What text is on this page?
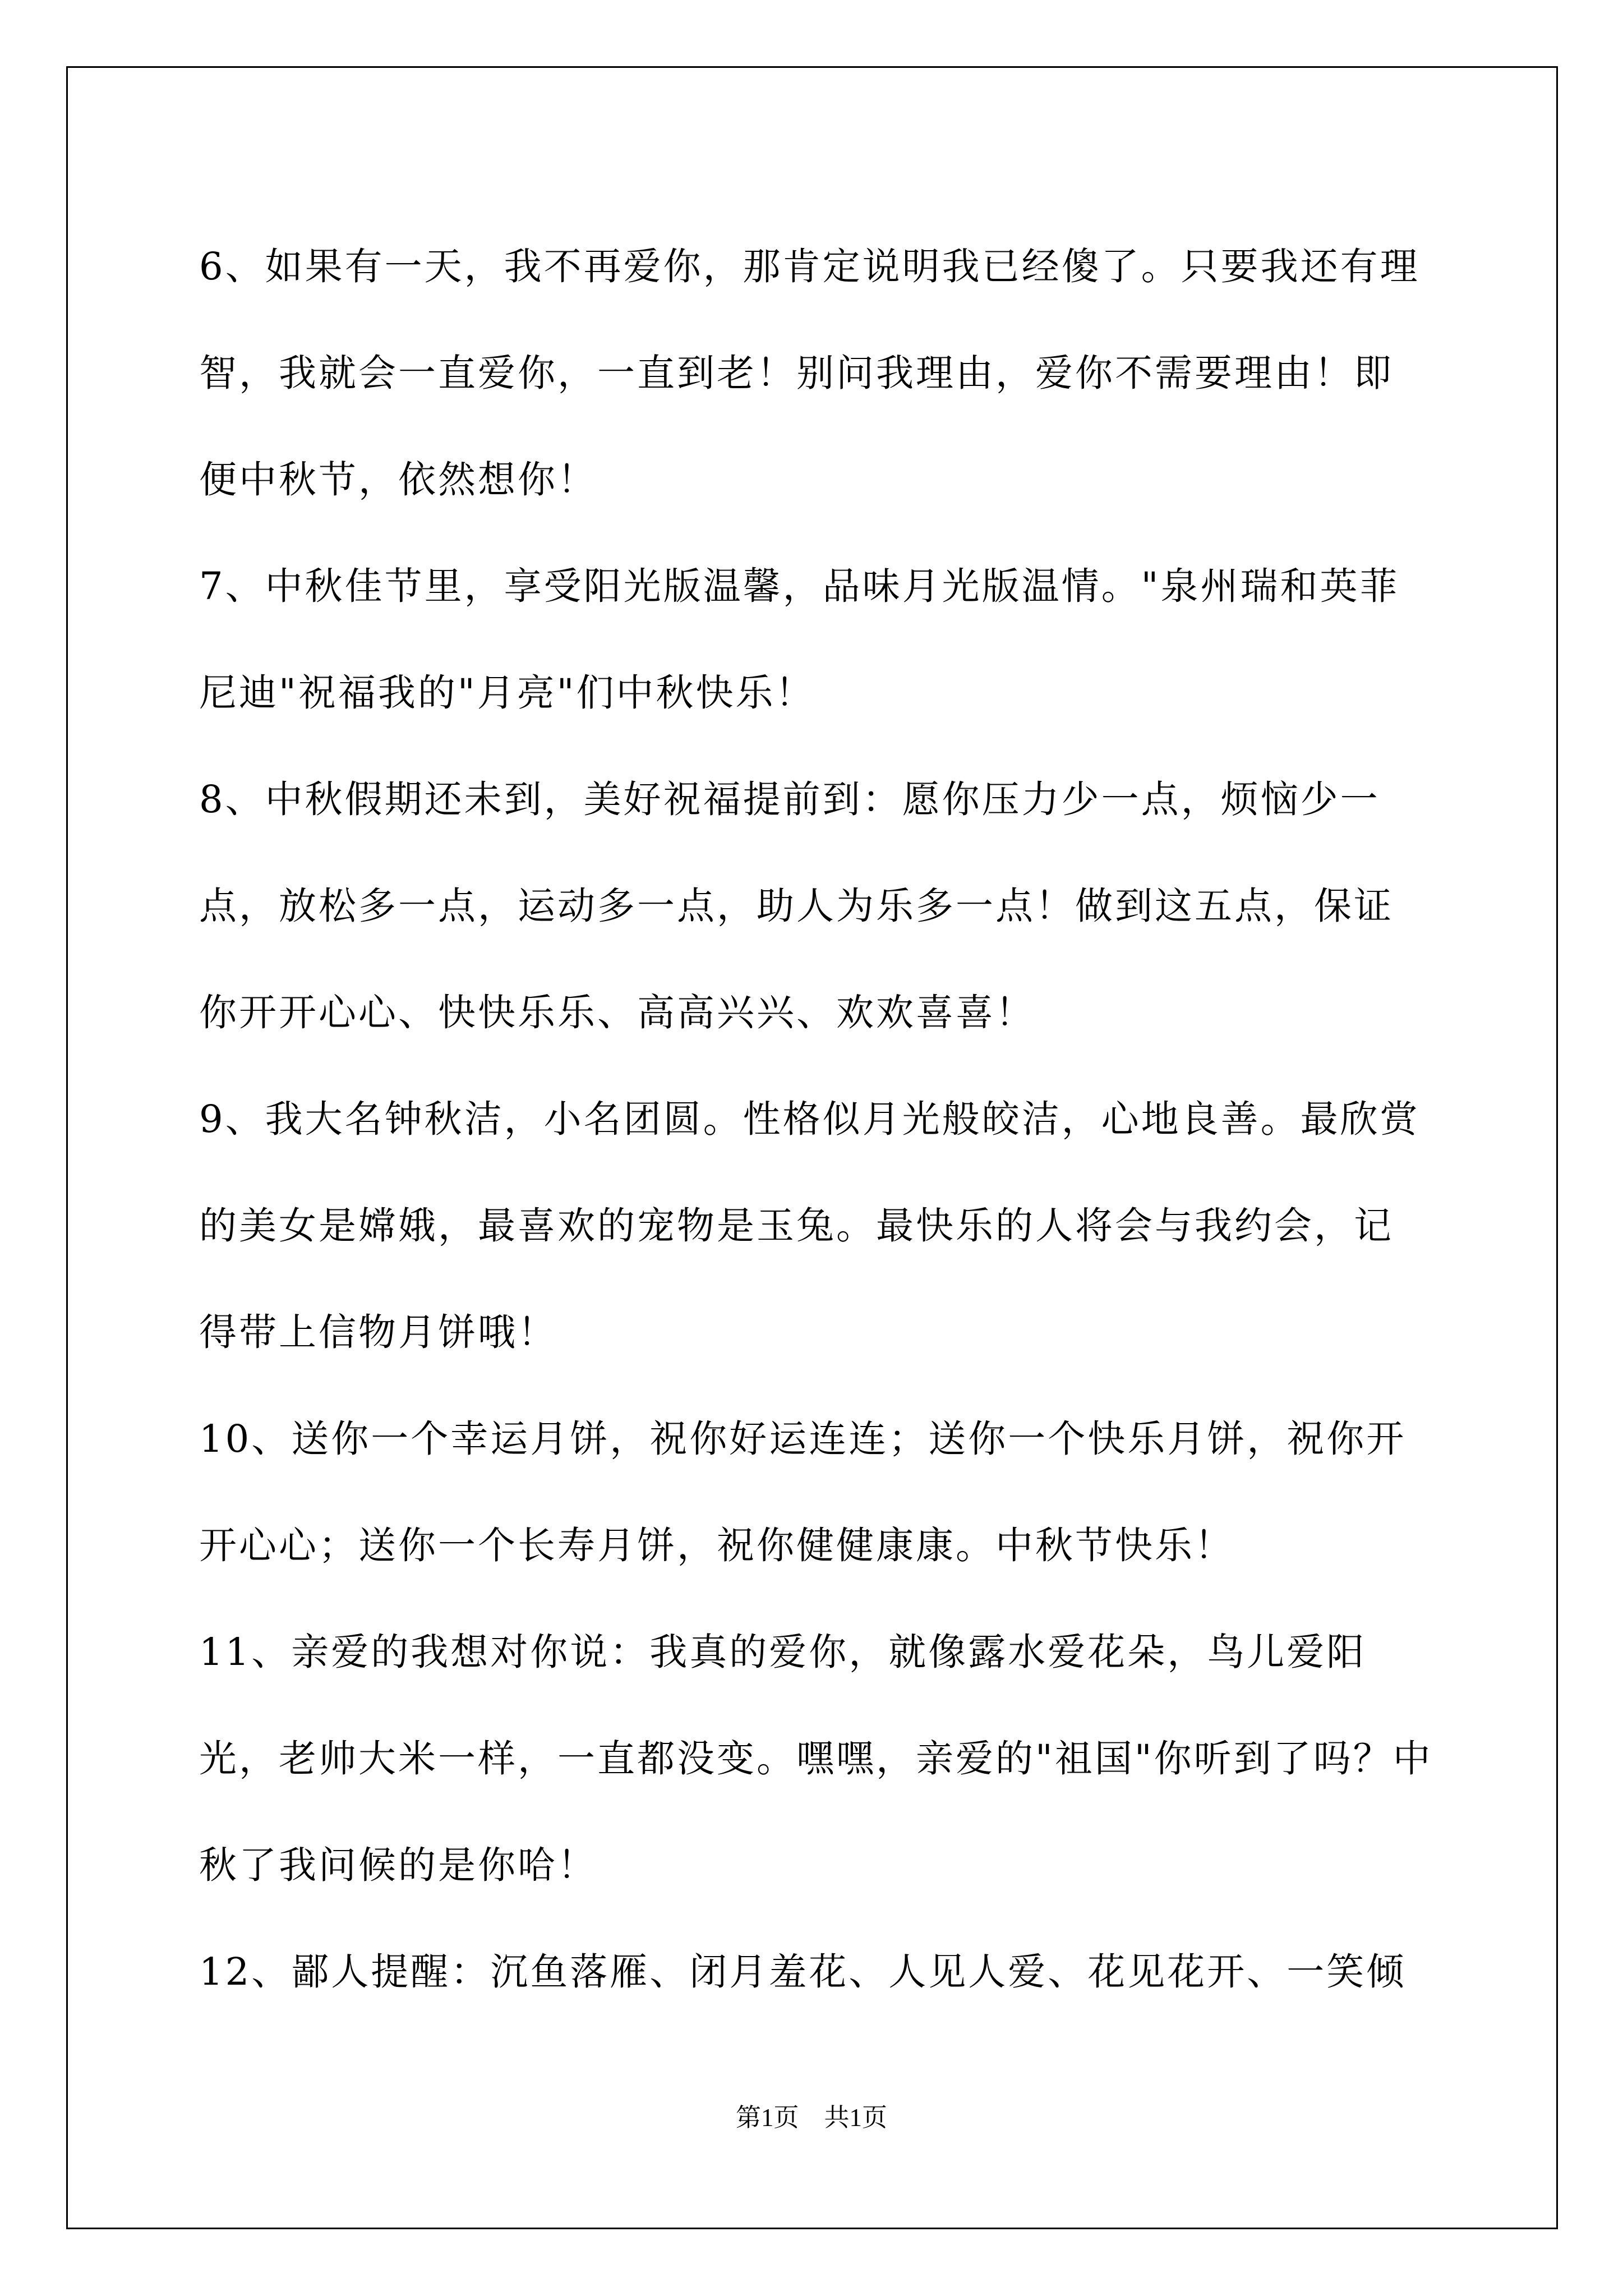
6、如果有一天，我不再爱你，那肯定说明我已经傻了。只要我还有理智，我就会一直爱你，一直到老！别问我理由，爱你不需要理由！即便中秋节，依然想你！

7、中秋佳节里，享受阳光版温馨，品味月光版温情。"泉州瑞和英菲尼迪"祝福我的"月亮"们中秋快乐！

8、中秋假期还未到，美好祝福提前到：愿你压力少一点，烦恼少一点，放松多一点，运动多一点，助人为乐多一点！做到这五点，保证你开开心心、快快乐乐、高高兴兴、欢欢喜喜！

9、我大名钟秋洁，小名团圆。性格似月光般皎洁，心地良善。最欣赏的美女是嫦娥，最喜欢的宠物是玉兔。最快乐的人将会与我约会，记得带上信物月饼哦！

10、送你一个幸运月饼，祝你好运连连；送你一个快乐月饼，祝你开开心心；送你一个长寿月饼，祝你健健康康。中秋节快乐！

11、亲爱的我想对你说：我真的爱你，就像露水爱花朵，鸟儿爱阳光，老帅大米一样，一直都没变。嘿嘿，亲爱的"祖国"你听到了吗？中秋了我问候的是你哈！

12、鄙人提醒：沉鱼落雁、闭月羞花、人见人爱、花见花开、一笑倾

第1页　共1页
